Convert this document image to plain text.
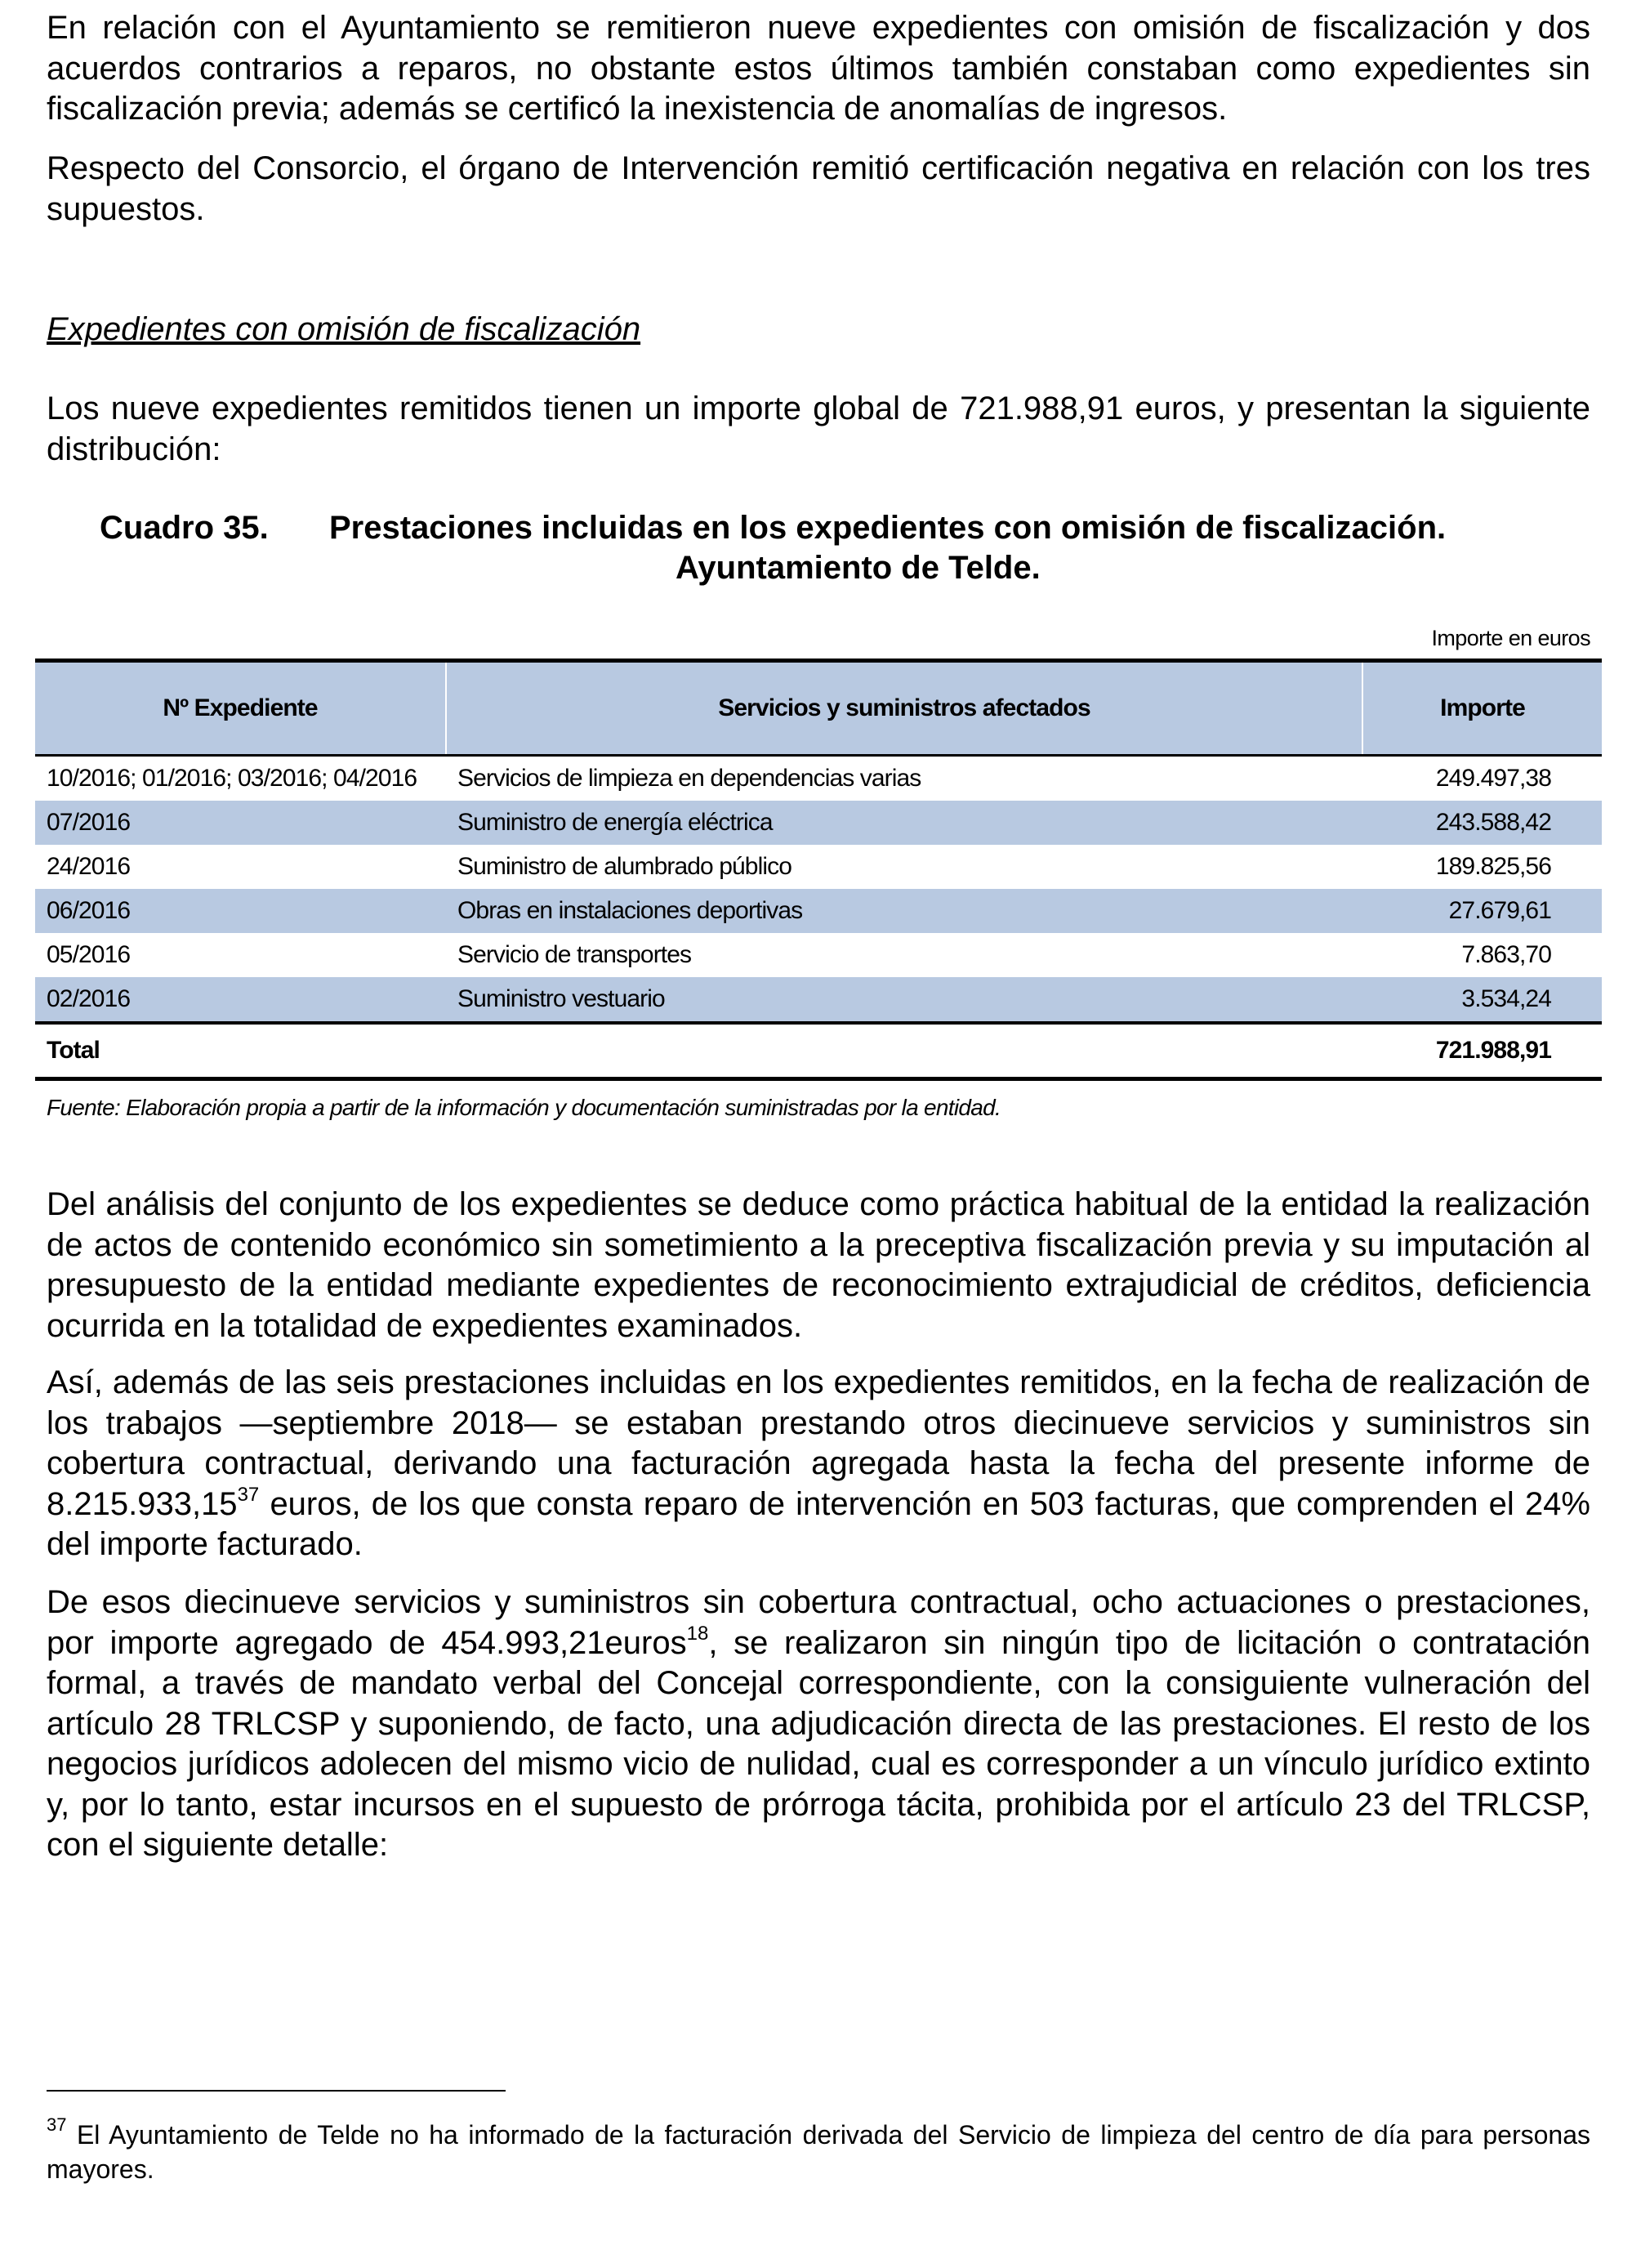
En relación con el Ayuntamiento se remitieron nueve expedientes con omisión de fiscalización y dos acuerdos contrarios a reparos, no obstante estos últimos también constaban como expedientes sin fiscalización previa; además se certificó la inexistencia de anomalías de ingresos.

Respecto del Consorcio, el órgano de Intervención remitió certificación negativa en relación con los tres supuestos.

Expedientes con omisión de fiscalización

Los nueve expedientes remitidos tienen un importe global de 721.988,91 euros, y presentan la siguiente distribución:

Cuadro 35. Prestaciones incluidas en los expedientes con omisión de fiscalización.
Ayuntamiento de Telde.
Importe en euros
Nº Expediente	Servicios y suministros afectados	Importe
10/2016; 01/2016; 03/2016; 04/2016	Servicios de limpieza en dependencias varias	249.497,38
07/2016	Suministro de energía eléctrica	243.588,42
24/2016	Suministro de alumbrado público	189.825,56
06/2016	Obras en instalaciones deportivas	27.679,61
05/2016	Servicio de transportes	7.863,70
02/2016	Suministro vestuario	3.534,24
Total		721.988,91
Fuente: Elaboración propia a partir de la información y documentación suministradas por la entidad.

Del análisis del conjunto de los expedientes se deduce como práctica habitual de la entidad la realización de actos de contenido económico sin sometimiento a la preceptiva fiscalización previa y su imputación al presupuesto de la entidad mediante expedientes de reconocimiento extrajudicial de créditos, deficiencia ocurrida en la totalidad de expedientes examinados.

Así, además de las seis prestaciones incluidas en los expedientes remitidos, en la fecha de realización de los trabajos —septiembre 2018— se estaban prestando otros diecinueve servicios y suministros sin cobertura contractual, derivando una facturación agregada hasta la fecha del presente informe de 8.215.933,15$^{37}$ euros, de los que consta reparo de intervención en 503 facturas, que comprenden el 24% del importe facturado.

De esos diecinueve servicios y suministros sin cobertura contractual, ocho actuaciones o prestaciones, por importe agregado de 454.993,21euros$^{18}$, se realizaron sin ningún tipo de licitación o contratación formal, a través de mandato verbal del Concejal correspondiente, con la consiguiente vulneración del artículo 28 TRLCSP y suponiendo, de facto, una adjudicación directa de las prestaciones. El resto de los negocios jurídicos adolecen del mismo vicio de nulidad, cual es corresponder a un vínculo jurídico extinto y, por lo tanto, estar incursos en el supuesto de prórroga tácita, prohibida por el artículo 23 del TRLCSP, con el siguiente detalle:

$^{37}$ El Ayuntamiento de Telde no ha informado de la facturación derivada del Servicio de limpieza del centro de día para personas mayores.
